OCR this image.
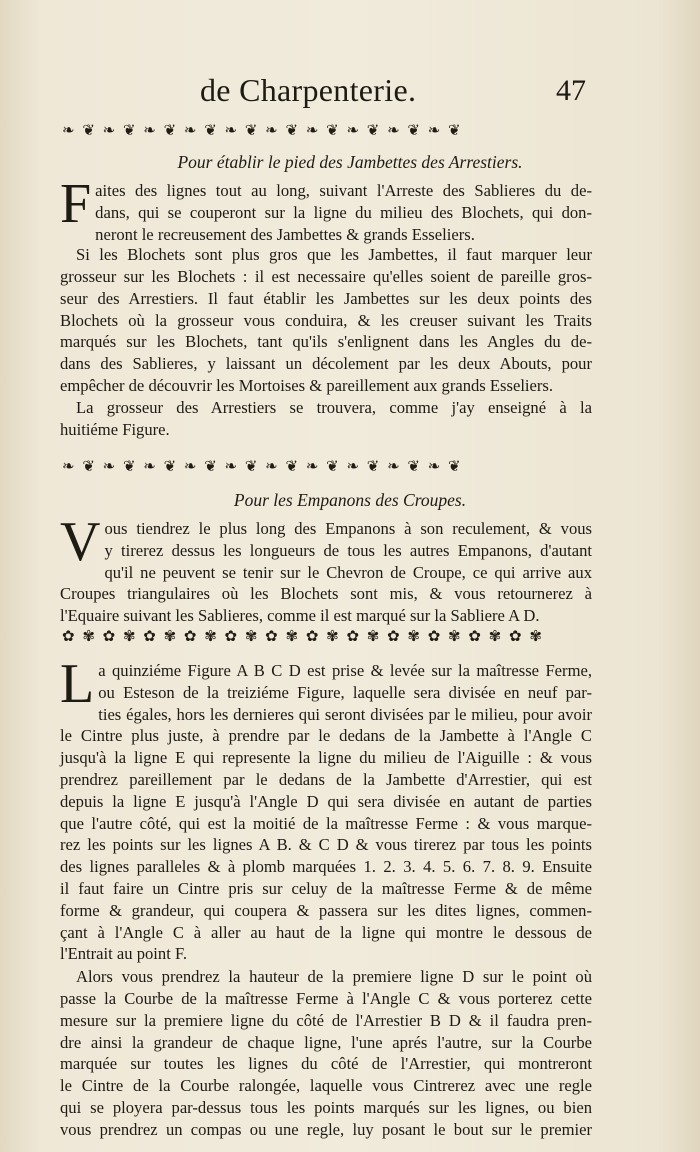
de Charpenterie.	47
❧ ❦ ❧ ❦ ❧ ❦ ❧ ❦ ❧ ❦ ❧ ❦ ❧ ❦ ❧ ❦ ❧ ❦ ❧ ❦
Pour établir le pied des Jambettes des Arrestiers.
Faites des lignes tout au long, suivant l'Arreste des Sablieres du de-
dans, qui se couperont sur la ligne du milieu des Blochets, qui don-
neront le recreusement des Jambettes & grands Esseliers.
Si les Blochets sont plus gros que les Jambettes, il faut marquer leur
grosseur sur les Blochets : il est necessaire qu'elles soient de pareille gros-
seur des Arrestiers. Il faut établir les Jambettes sur les deux points des
Blochets où la grosseur vous conduira, & les creuser suivant les Traits
marqués sur les Blochets, tant qu'ils s'enlignent dans les Angles du de-
dans des Sablieres, y laissant un décolement par les deux Abouts, pour
empêcher de découvrir les Mortoises & pareillement aux grands Esseliers.
La grosseur des Arrestiers se trouvera, comme j'ay enseigné à la
huitiéme Figure.
❧ ❦ ❧ ❦ ❧ ❦ ❧ ❦ ❧ ❦ ❧ ❦ ❧ ❦ ❧ ❦ ❧ ❦ ❧ ❦
Pour les Empanons des Croupes.
Vous tiendrez le plus long des Empanons à son reculement, & vous
y tirerez dessus les longueurs de tous les autres Empanons, d'autant
qu'il ne peuvent se tenir sur le Chevron de Croupe, ce qui arrive aux
Croupes triangulaires où les Blochets sont mis, & vous retournerez à
l'Equaire suivant les Sablieres, comme il est marqué sur la Sabliere A D.
✿ ✾ ✿ ✾ ✿ ✾ ✿ ✾ ✿ ✾ ✿ ✾ ✿ ✾ ✿ ✾ ✿ ✾ ✿ ✾ ✿ ✾ ✿ ✾
La quinziéme Figure A B C D est prise & levée sur la maîtresse Ferme,
ou Esteson de la treiziéme Figure, laquelle sera divisée en neuf par-
ties égales, hors les dernieres qui seront divisées par le milieu, pour avoir
le Cintre plus juste, à prendre par le dedans de la Jambette à l'Angle C
jusqu'à la ligne E qui represente la ligne du milieu de l'Aiguille : & vous
prendrez pareillement par le dedans de la Jambette d'Arrestier, qui est
depuis la ligne E jusqu'à l'Angle D qui sera divisée en autant de parties
que l'autre côté, qui est la moitié de la maîtresse Ferme : & vous marque-
rez les points sur les lignes A B. & C D & vous tirerez par tous les points
des lignes paralleles & à plomb marquées 1. 2. 3. 4. 5. 6. 7. 8. 9. Ensuite
il faut faire un Cintre pris sur celuy de la maîtresse Ferme & de même
forme & grandeur, qui coupera & passera sur les dites lignes, commen-
çant à l'Angle C à aller au haut de la ligne qui montre le dessous de
l'Entrait au point F.
Alors vous prendrez la hauteur de la premiere ligne D sur le point où
passe la Courbe de la maîtresse Ferme à l'Angle C & vous porterez cette
mesure sur la premiere ligne du côté de l'Arrestier B D & il faudra pren-
dre ainsi la grandeur de chaque ligne, l'une aprés l'autre, sur la Courbe
marquée sur toutes les lignes du côté de l'Arrestier, qui montreront
le Cintre de la Courbe ralongée, laquelle vous Cintrerez avec une regle
qui se ployera par-dessus tous les points marqués sur les lignes, ou bien
vous prendrez un compas ou une regle, luy posant le bout sur le premier
